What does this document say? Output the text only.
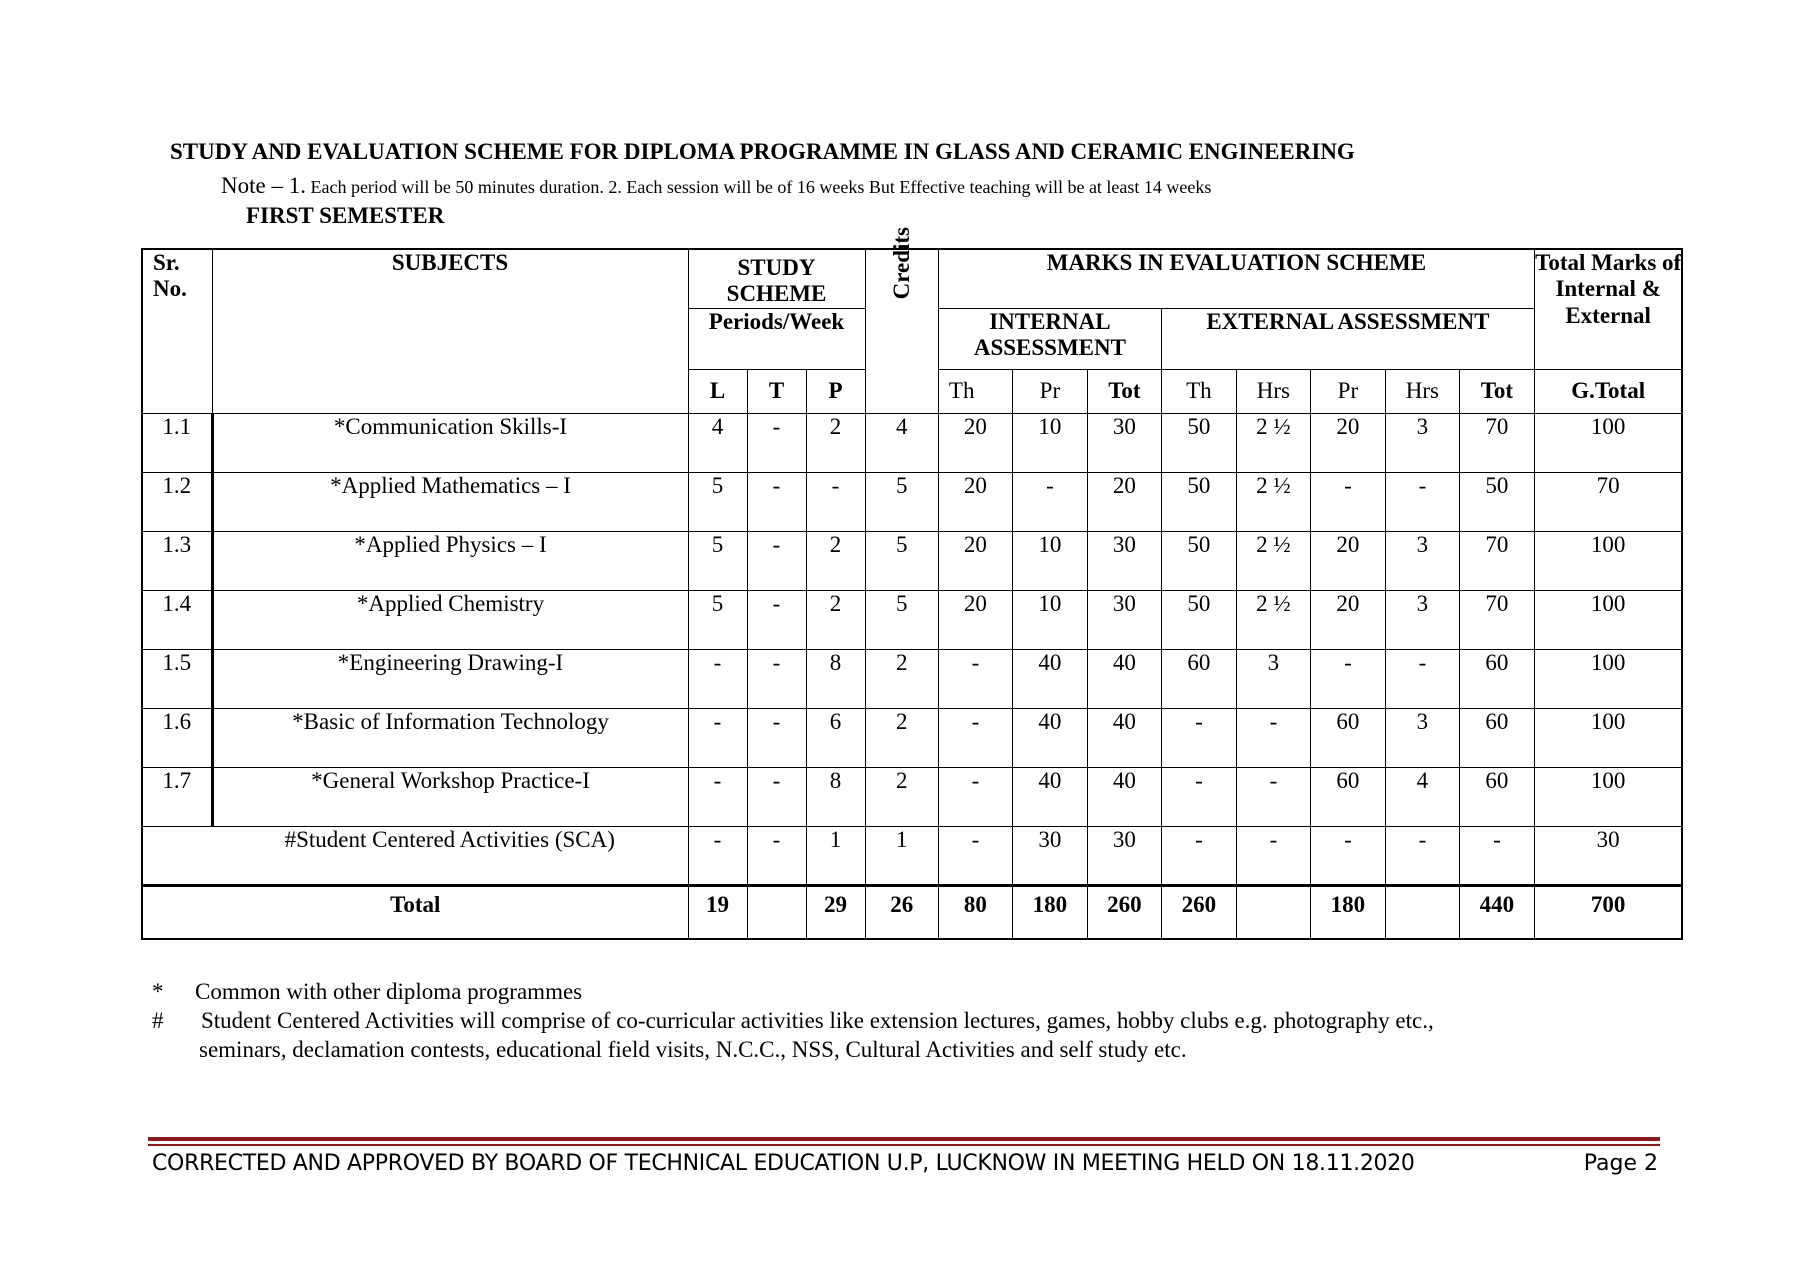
STUDY AND EVALUATION SCHEME FOR DIPLOMA PROGRAMME IN GLASS AND CERAMIC ENGINEERING
Note – 1. Each period will be 50 minutes duration. 2. Each session will be of 16 weeks But Effective teaching will be at least 14 weeks
FIRST SEMESTER
Sr. No.	SUBJECTS	STUDY SCHEME			Credits	MARKS IN EVALUATION SCHEME								Total Marks of Internal & External
		Periods/Week				INTERNAL ASSESSMENT			EXTERNAL ASSESSMENT					
		L	T	P		Th	Pr	Tot	Th	Hrs	Pr	Hrs	Tot	G.Total
1.1	*Communication Skills-I	4	-	2	4	20	10	30	50	2 ½	20	3	70	100
1.2	*Applied Mathematics – I	5	-	-	5	20	-	20	50	2 ½	-	-	50	70
1.3	*Applied Physics – I	5	-	2	5	20	10	30	50	2 ½	20	3	70	100
1.4	*Applied Chemistry	5	-	2	5	20	10	30	50	2 ½	20	3	70	100
1.5	*Engineering Drawing-I	-	-	8	2	-	40	40	60	3	-	-	60	100
1.6	*Basic of Information Technology	-	-	6	2	-	40	40	-	-	60	3	60	100
1.7	*General Workshop Practice-I	-	-	8	2	-	40	40	-	-	60	4	60	100
	#Student Centered Activities (SCA)	-	-	1	1	-	30	30	-	-	-	-	-	30
Total		19		29	26	80	180	260	260		180		440	700
* Common with other diploma programmes
# Student Centered Activities will comprise of co-curricular activities like extension lectures, games, hobby clubs e.g. photography etc.,
seminars, declamation contests, educational field visits, N.C.C., NSS, Cultural Activities and self study etc.
CORRECTED AND APPROVED BY BOARD OF TECHNICAL EDUCATION U.P, LUCKNOW IN MEETING HELD ON 18.11.2020	Page 2
